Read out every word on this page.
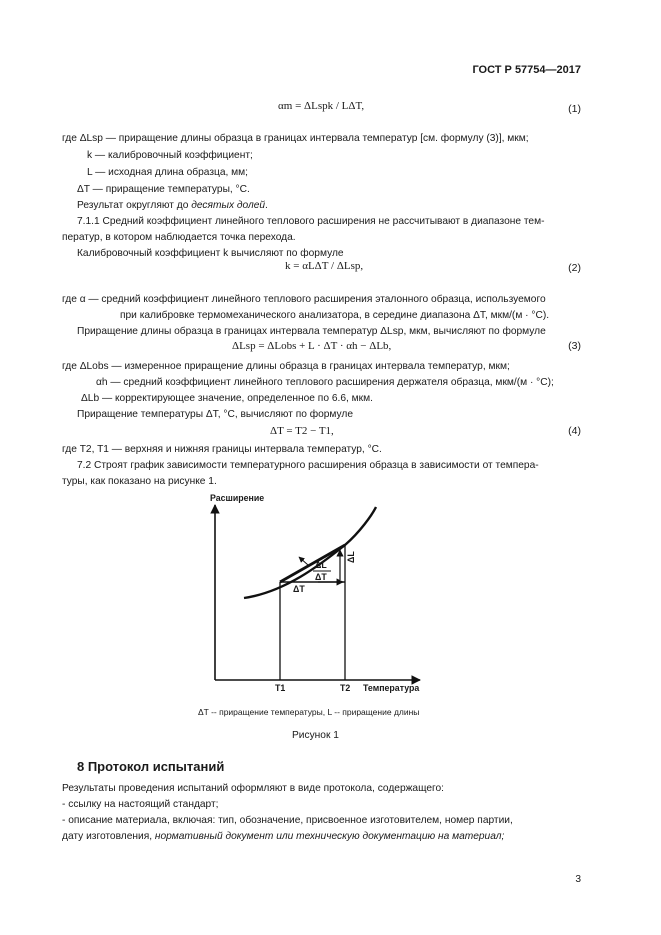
ГОСТ Р 57754—2017
αm = ΔLspk / LΔT,	(1)
где ΔLsp — приращение длины образца в границах интервала температур [см. формулу (3)], мкм;
k — калибровочный коэффициент;
L — исходная длина образца, мм;
ΔT — приращение температуры, °С.
Результат округляют до десятых долей.
7.1.1 Средний коэффициент линейного теплового расширения не рассчитывают в диапазоне тем-
ператур, в котором наблюдается точка перехода.
Калибровочный коэффициент k вычисляют по формуле
k = αLΔT / ΔLsp,	(2)
где α — средний коэффициент линейного теплового расширения эталонного образца, используемого
при калибровке термомеханического анализатора, в середине диапазона ΔT, мкм/(м · °С).
Приращение длины образца в границах интервала температур ΔLsp, мкм, вычисляют по формуле
ΔLsp = ΔLobs + L · ΔT · αh − ΔLb,	(3)
где ΔLobs — измеренное приращение длины образца в границах интервала температур, мкм;
αh — средний коэффициент линейного теплового расширения держателя образца, мкм/(м · °С);
ΔLb — корректирующее значение, определенное по 6.6, мкм.
Приращение температуры ΔT, °С, вычисляют по формуле
ΔT = T2 − T1,	(4)
где T2, T1 — верхняя и нижняя границы интервала температур, °С.
7.2 Строят график зависимости температурного расширения образца в зависимости от темпера-
туры, как показано на рисунке 1.
Расширение
ΔT
ΔL
ΔT
ΔL
T1	T2 Температура
ΔT -- приращение температуры, L -- приращение длины
Рисунок 1
8 Протокол испытаний
Результаты проведения испытаний оформляют в виде протокола, содержащего:
- ссылку на настоящий стандарт;
- описание материала, включая: тип, обозначение, присвоенное изготовителем, номер партии,
дату изготовления, нормативный документ или техническую документацию на материал;
3
